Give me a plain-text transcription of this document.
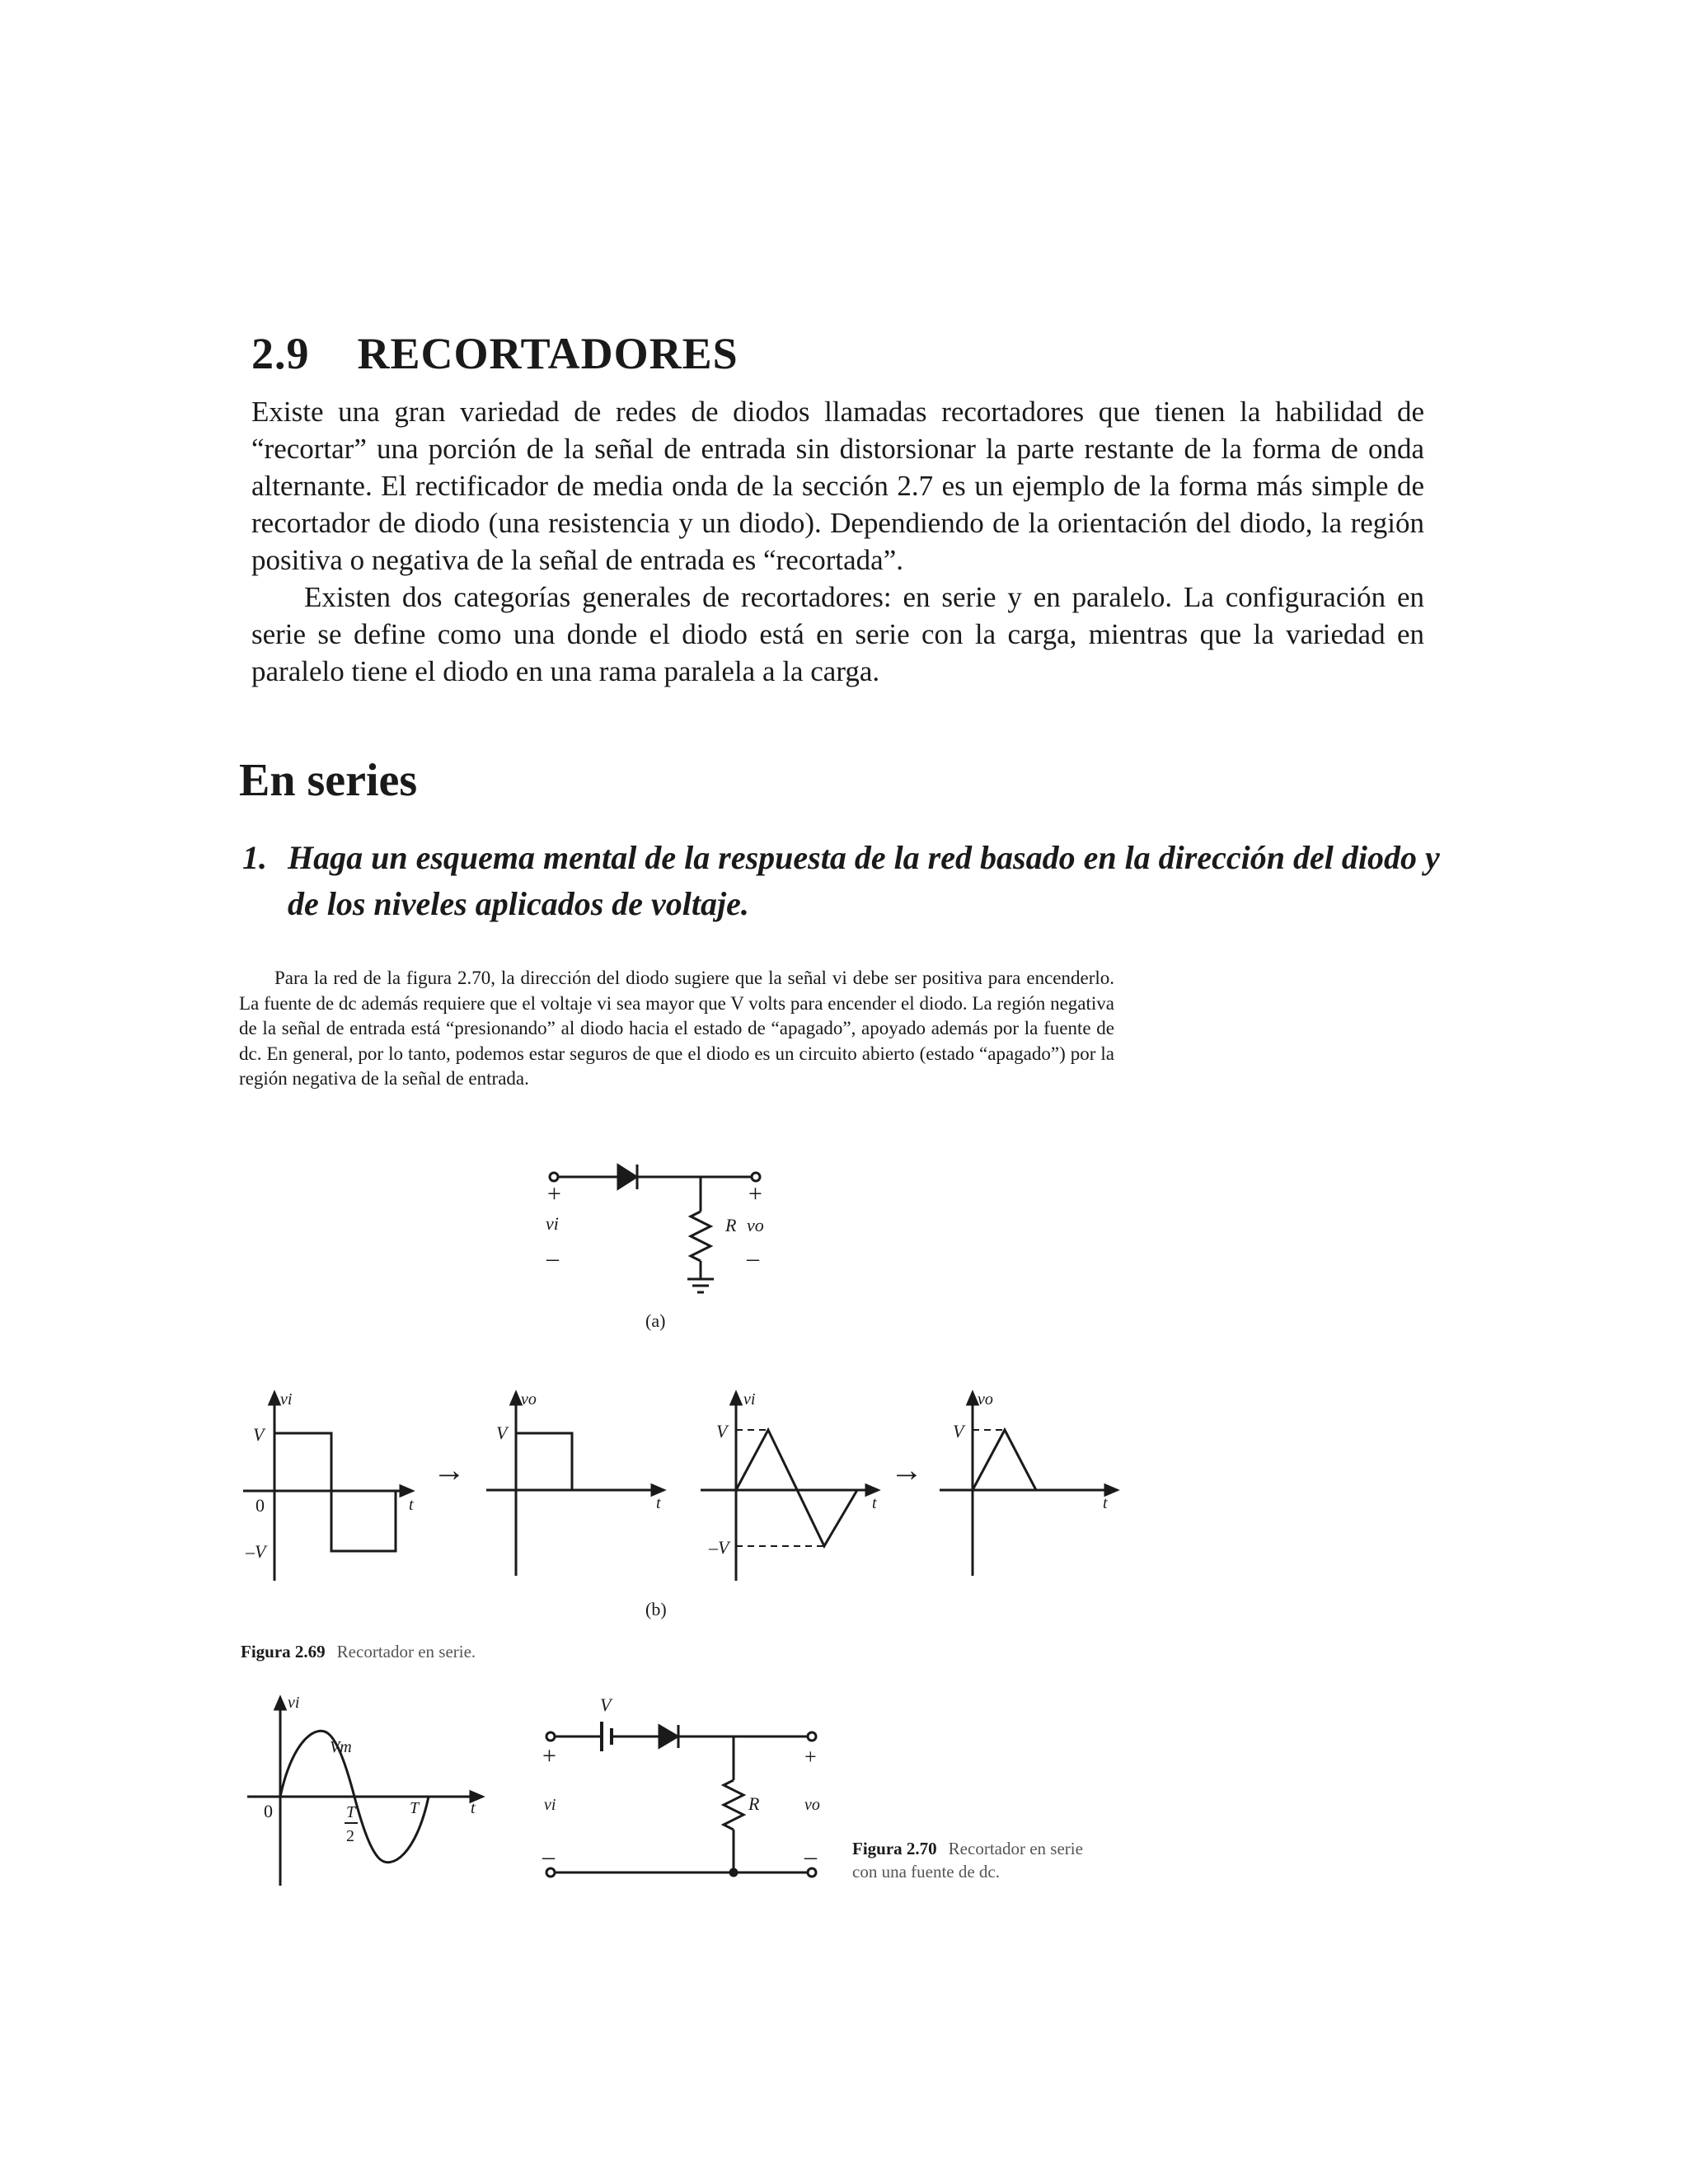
2.9 RECORTADORES

Existe una gran variedad de redes de diodos llamadas recortadores que tienen la habilidad de “recortar” una porción de la señal de entrada sin distorsionar la parte restante de la forma de onda alternante. El rectificador de media onda de la sección 2.7 es un ejemplo de la forma más simple de recortador de diodo (una resistencia y un diodo). Dependiendo de la orientación del diodo, la región positiva o negativa de la señal de entrada es “recortada”.

Existen dos categorías generales de recortadores: en serie y en paralelo. La configuración en serie se define como una donde el diodo está en serie con la carga, mientras que la variedad en paralelo tiene el diodo en una rama paralela a la carga.

En series
1. Haga un esquema mental de la respuesta de la red basado en la dirección del diodo y de los niveles aplicados de voltaje.

Para la red de la figura 2.70, la dirección del diodo sugiere que la señal vi debe ser positiva para encenderlo. La fuente de dc además requiere que el voltaje vi sea mayor que V volts para encender el diodo. La región negativa de la señal de entrada está “presionando” al diodo hacia el estado de “apagado”, apoyado además por la fuente de dc. En general, por lo tanto, podemos estar seguros de que el diodo es un circuito abierto (estado “apagado”) por la región negativa de la señal de entrada.

+
vi
–
R
+
vo
–
(a)
vi
V
0
–V
t
→
vo
V
t
vi
V
–V
t
→
vo
V
t
(b)
vi
Vm
0	T
2
T	t
V
+
vi
–
R
+
vo
–
Figura 2.69 Recortador en serie.
Figura 2.70 Recortador en serie con una fuente de dc.
